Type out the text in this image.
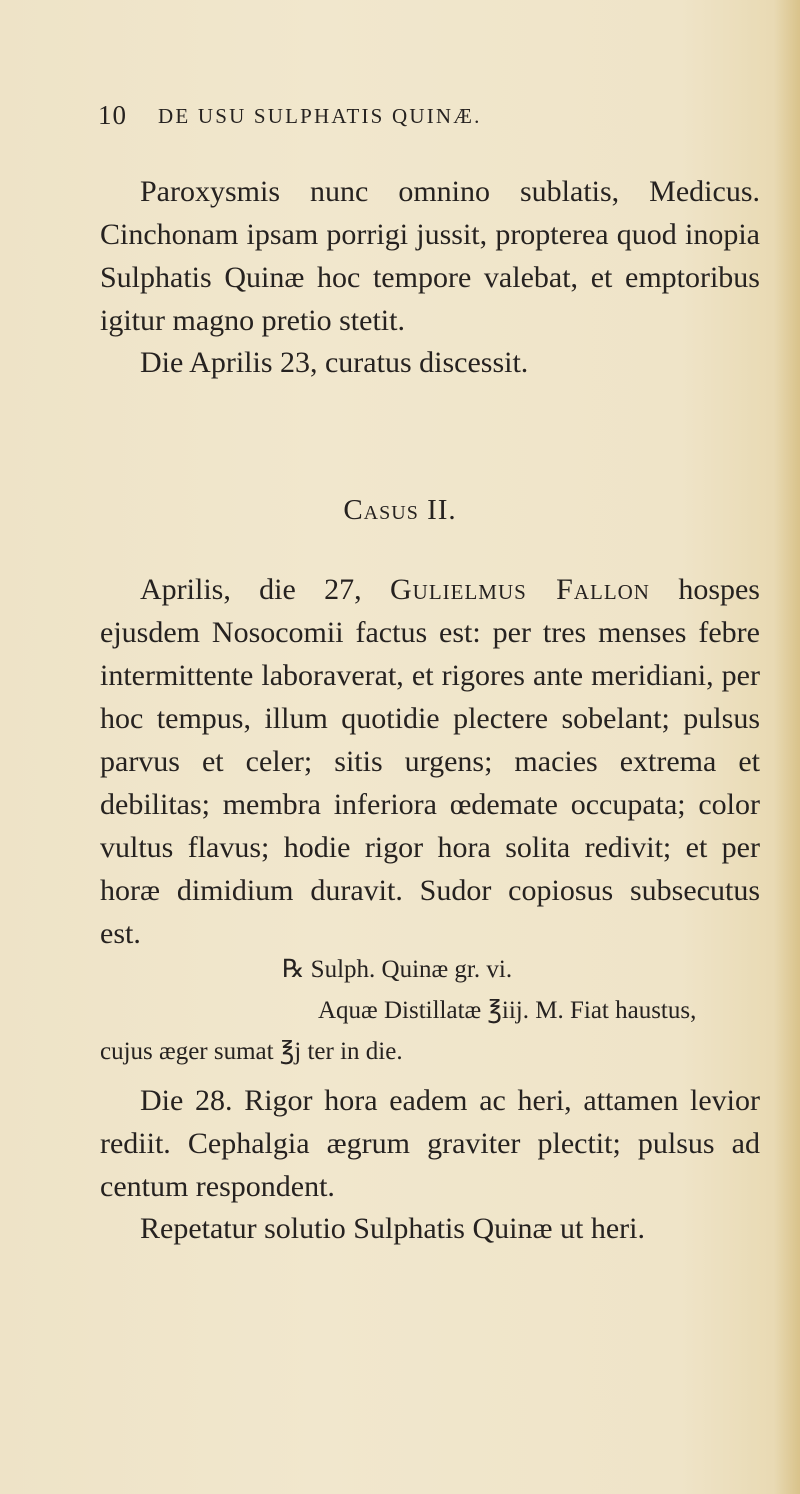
10 DE USU SULPHATIS QUINÆ.

Paroxysmis nunc omnino sublatis, Medicus. Cinchonam ipsam porrigi jussit, propterea quod inopia Sulphatis Quinæ hoc tempore valebat, et emptoribus igitur magno pretio stetit.

Die Aprilis 23, curatus discessit.

Casus II.

Aprilis, die 27, Gulielmus Fallon hospes ejusdem Nosocomii factus est: per tres menses febre intermittente laboraverat, et rigores ante meridiani, per hoc tempus, illum quotidie plectere sobelant; pulsus parvus et celer; sitis urgens; macies extrema et debilitas; membra inferiora œdemate occupata; color vultus flavus; hodie rigor hora solita redivit; et per horæ dimidium duravit. Sudor copiosus subsecutus est.

℞ Sulph. Quinæ gr. vi.
Aquæ Distillatæ ℥iij. M. Fiat haustus,
cujus æger sumat ℥j ter in die.

Die 28. Rigor hora eadem ac heri, attamen levior rediit. Cephalgia ægrum graviter plectit; pulsus ad centum respondent.

Repetatur solutio Sulphatis Quinæ ut heri.
